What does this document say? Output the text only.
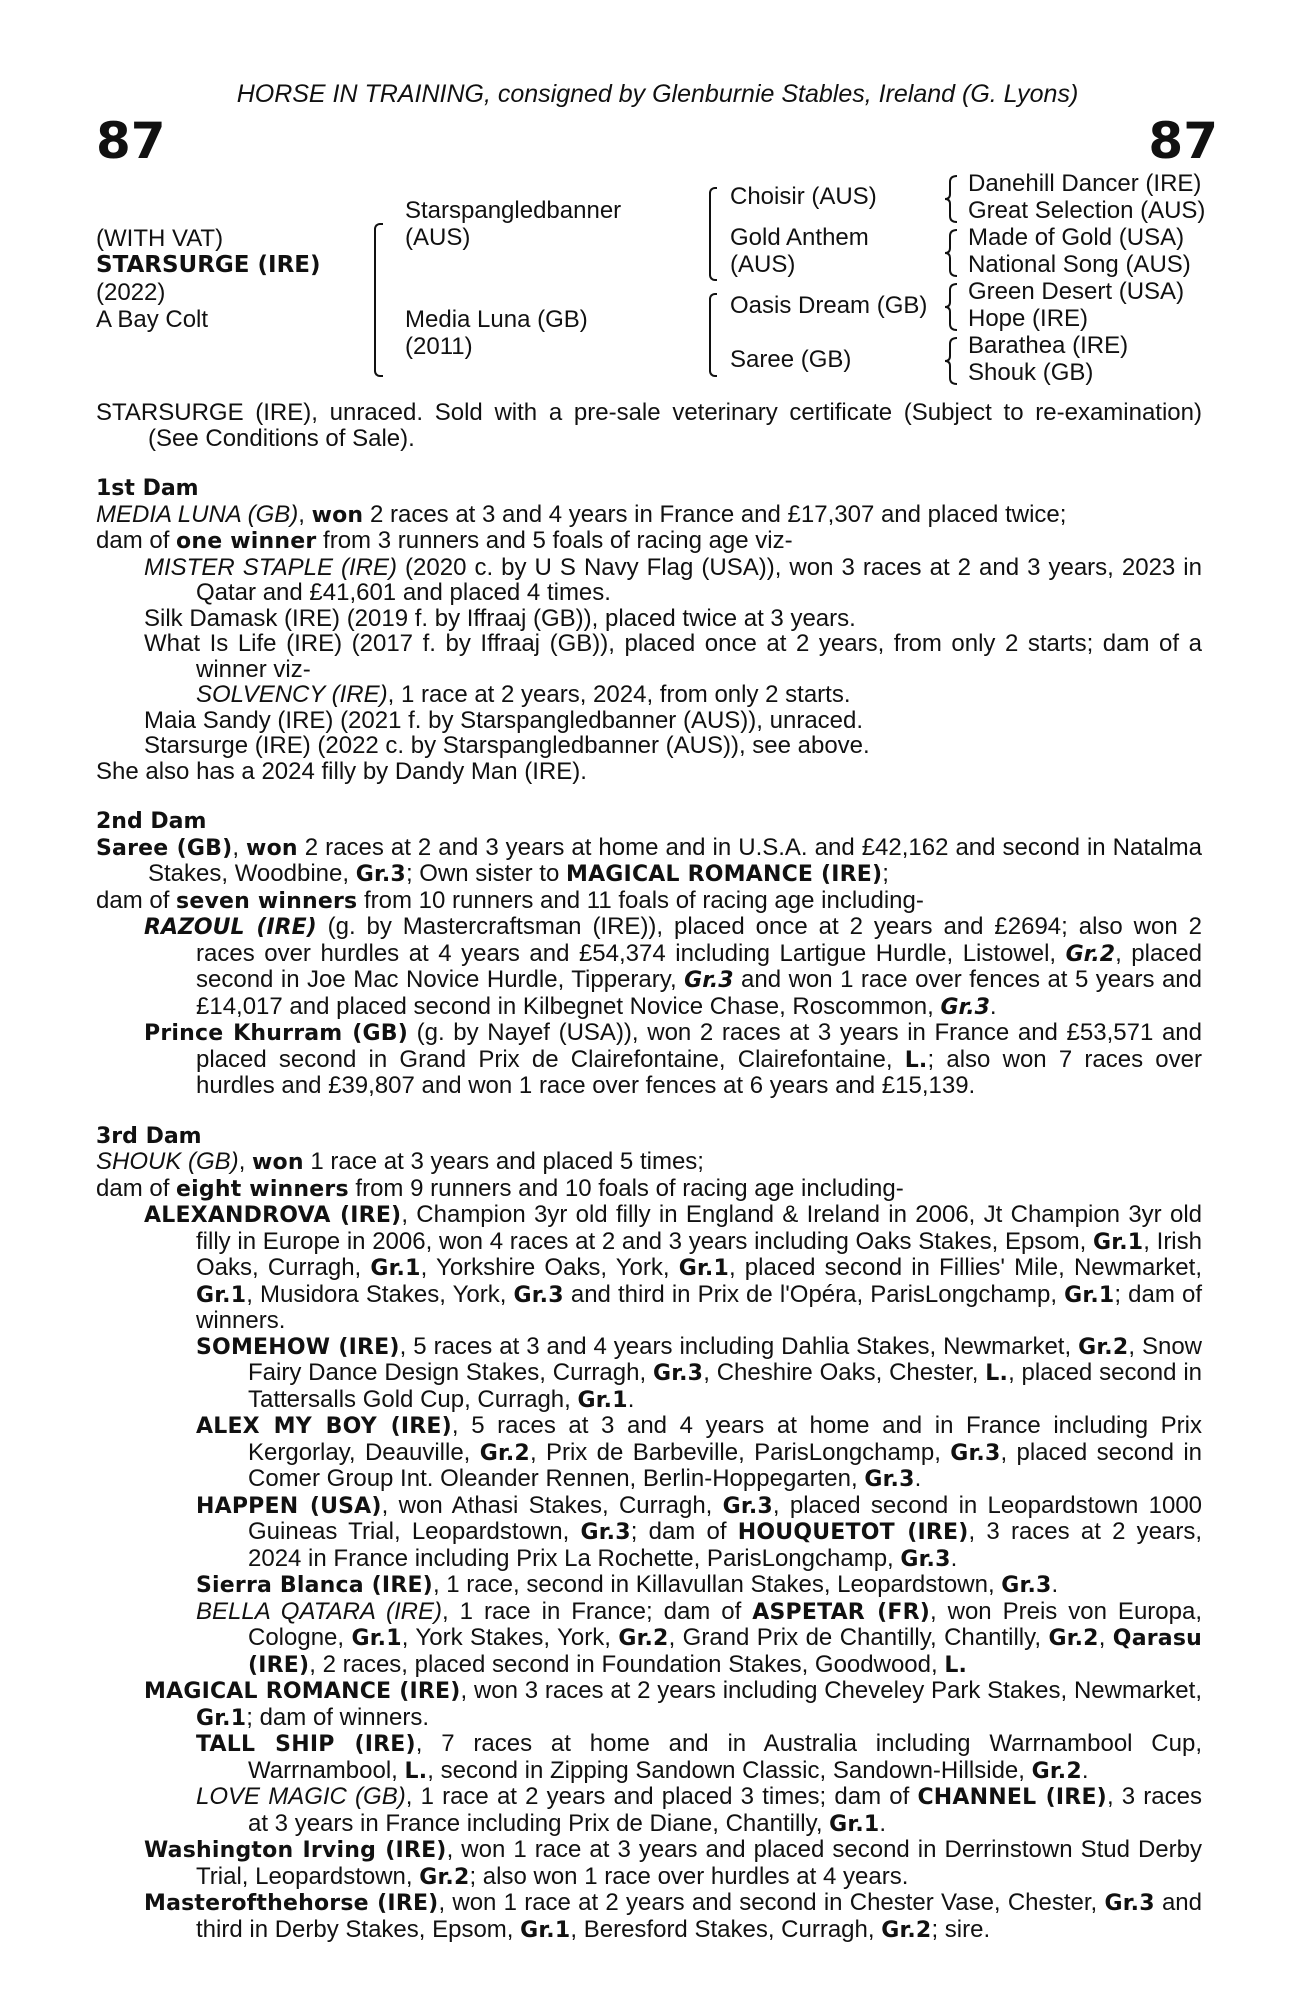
HORSE IN TRAINING, consigned by Glenburnie Stables, Ireland (G. Lyons)
87	87
(WITH VAT)
STARSURGE (IRE)
(2022)
A Bay Colt
Starspangledbanner
(AUS)
Media Luna (GB)
(2011)
Choisir (AUS)
Gold Anthem
(AUS)
Oasis Dream (GB)
Saree (GB)
Danehill Dancer (IRE)
Great Selection (AUS)
Made of Gold (USA)
National Song (AUS)
Green Desert (USA)
Hope (IRE)
Barathea (IRE)
Shouk (GB)
STARSURGE (IRE), unraced. Sold with a pre-sale veterinary certificate (Subject to re-examination) (See Conditions of Sale).
1st Dam
MEDIA LUNA (GB), won 2 races at 3 and 4 years in France and £17,307 and placed twice;
dam of one winner from 3 runners and 5 foals of racing age viz-
MISTER STAPLE (IRE) (2020 c. by U S Navy Flag (USA)), won 3 races at 2 and 3 years, 2023 in Qatar and £41,601 and placed 4 times.
Silk Damask (IRE) (2019 f. by Iffraaj (GB)), placed twice at 3 years.
What Is Life (IRE) (2017 f. by Iffraaj (GB)), placed once at 2 years, from only 2 starts; dam of a winner viz-
SOLVENCY (IRE), 1 race at 2 years, 2024, from only 2 starts.
Maia Sandy (IRE) (2021 f. by Starspangledbanner (AUS)), unraced.
Starsurge (IRE) (2022 c. by Starspangledbanner (AUS)), see above.
She also has a 2024 filly by Dandy Man (IRE).
2nd Dam
Saree (GB), won 2 races at 2 and 3 years at home and in U.S.A. and £42,162 and second in Natalma Stakes, Woodbine, Gr.3; Own sister to MAGICAL ROMANCE (IRE);
dam of seven winners from 10 runners and 11 foals of racing age including-
RAZOUL (IRE) (g. by Mastercraftsman (IRE)), placed once at 2 years and £2694; also won 2 races over hurdles at 4 years and £54,374 including Lartigue Hurdle, Listowel, Gr.2, placed second in Joe Mac Novice Hurdle, Tipperary, Gr.3 and won 1 race over fences at 5 years and £14,017 and placed second in Kilbegnet Novice Chase, Roscommon, Gr.3.
Prince Khurram (GB) (g. by Nayef (USA)), won 2 races at 3 years in France and £53,571 and placed second in Grand Prix de Clairefontaine, Clairefontaine, L.; also won 7 races over hurdles and £39,807 and won 1 race over fences at 6 years and £15,139.
3rd Dam
SHOUK (GB), won 1 race at 3 years and placed 5 times;
dam of eight winners from 9 runners and 10 foals of racing age including-
ALEXANDROVA (IRE), Champion 3yr old filly in England & Ireland in 2006, Jt Champion 3yr old filly in Europe in 2006, won 4 races at 2 and 3 years including Oaks Stakes, Epsom, Gr.1, Irish Oaks, Curragh, Gr.1, Yorkshire Oaks, York, Gr.1, placed second in Fillies' Mile, Newmarket, Gr.1, Musidora Stakes, York, Gr.3 and third in Prix de l'Opéra, ParisLongchamp, Gr.1; dam of winners.
SOMEHOW (IRE), 5 races at 3 and 4 years including Dahlia Stakes, Newmarket, Gr.2, Snow Fairy Dance Design Stakes, Curragh, Gr.3, Cheshire Oaks, Chester, L., placed second in Tattersalls Gold Cup, Curragh, Gr.1.
ALEX MY BOY (IRE), 5 races at 3 and 4 years at home and in France including Prix Kergorlay, Deauville, Gr.2, Prix de Barbeville, ParisLongchamp, Gr.3, placed second in Comer Group Int. Oleander Rennen, Berlin-Hoppegarten, Gr.3.
HAPPEN (USA), won Athasi Stakes, Curragh, Gr.3, placed second in Leopardstown 1000 Guineas Trial, Leopardstown, Gr.3; dam of HOUQUETOT (IRE), 3 races at 2 years, 2024 in France including Prix La Rochette, ParisLongchamp, Gr.3.
Sierra Blanca (IRE), 1 race, second in Killavullan Stakes, Leopardstown, Gr.3.
BELLA QATARA (IRE), 1 race in France; dam of ASPETAR (FR), won Preis von Europa, Cologne, Gr.1, York Stakes, York, Gr.2, Grand Prix de Chantilly, Chantilly, Gr.2, Qarasu (IRE), 2 races, placed second in Foundation Stakes, Goodwood, L.
MAGICAL ROMANCE (IRE), won 3 races at 2 years including Cheveley Park Stakes, Newmarket, Gr.1; dam of winners.
TALL SHIP (IRE), 7 races at home and in Australia including Warrnambool Cup, Warrnambool, L., second in Zipping Sandown Classic, Sandown-Hillside, Gr.2.
LOVE MAGIC (GB), 1 race at 2 years and placed 3 times; dam of CHANNEL (IRE), 3 races at 3 years in France including Prix de Diane, Chantilly, Gr.1.
Washington Irving (IRE), won 1 race at 3 years and placed second in Derrinstown Stud Derby Trial, Leopardstown, Gr.2; also won 1 race over hurdles at 4 years.
Masterofthehorse (IRE), won 1 race at 2 years and second in Chester Vase, Chester, Gr.3 and third in Derby Stakes, Epsom, Gr.1, Beresford Stakes, Curragh, Gr.2; sire.
